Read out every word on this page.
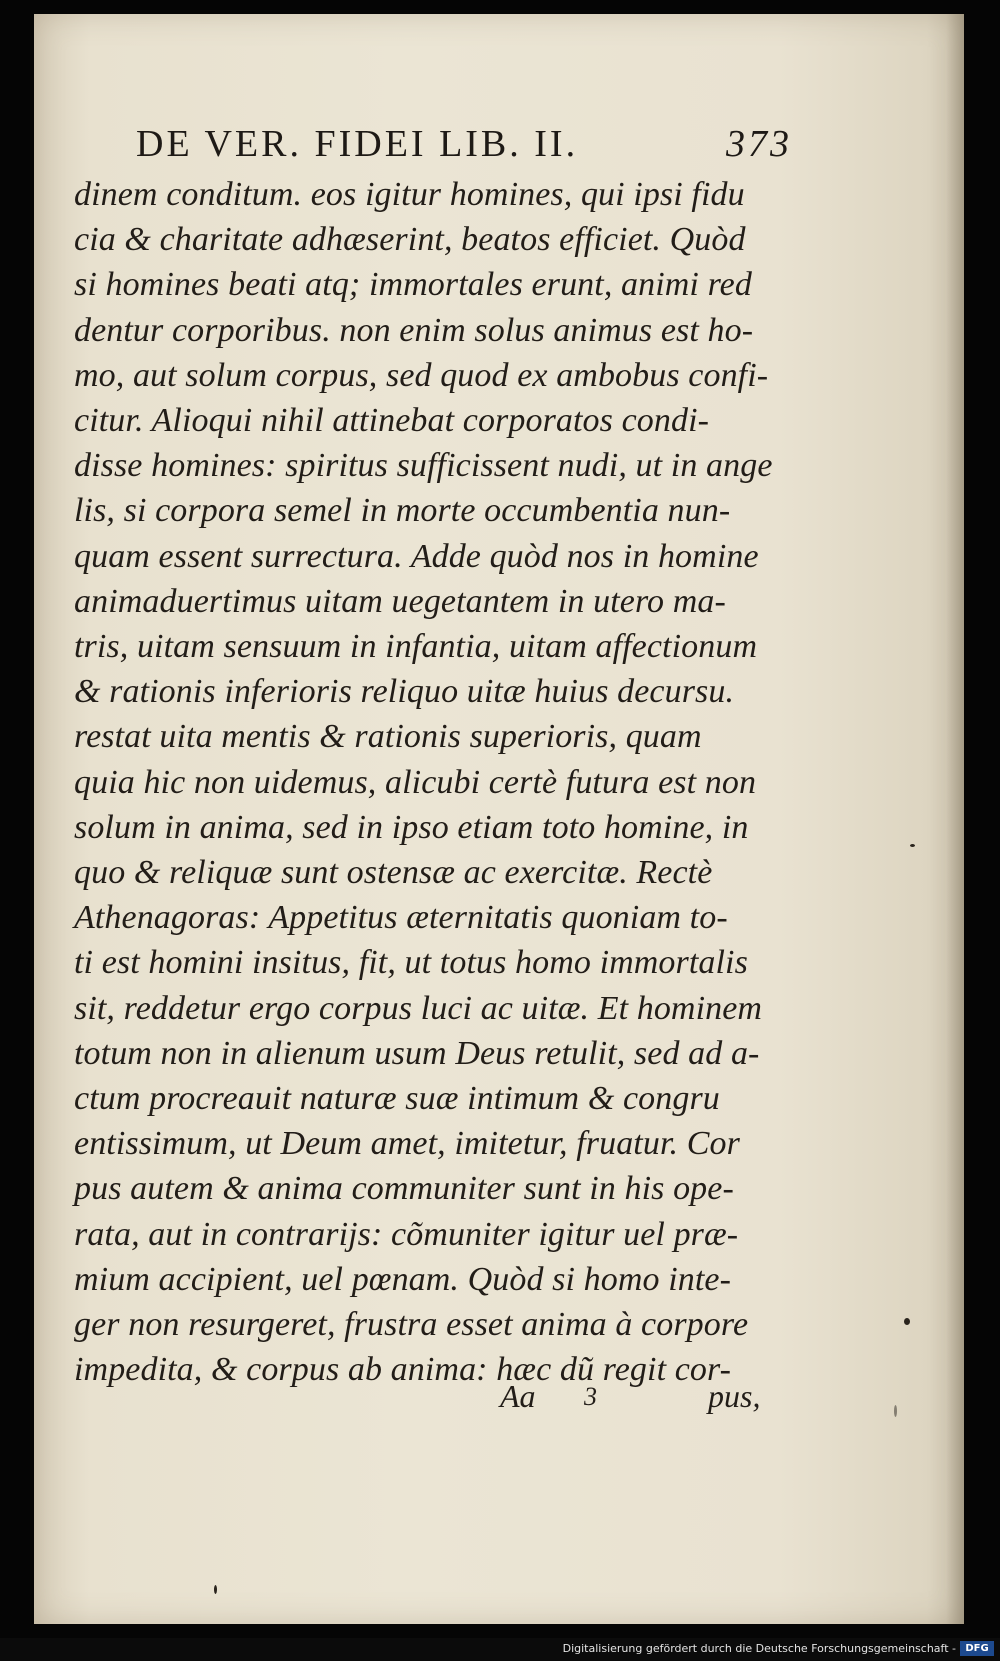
DE VER. FIDEI LIB. II.	373
dinem conditum. eos igitur homines, qui ipsi fidu
cia & charitate adhæserint, beatos efficiet. Quòd
si homines beati atq; immortales erunt, animi red
dentur corporibus. non enim solus animus est ho-
mo, aut solum corpus, sed quod ex ambobus confi-
citur. Alioqui nihil attinebat corporatos condi-
disse homines: spiritus sufficissent nudi, ut in ange
lis, si corpora semel in morte occumbentia nun-
quam essent surrectura. Adde quòd nos in homine
animaduertimus uitam uegetantem in utero ma-
tris, uitam sensuum in infantia, uitam affectionum
& rationis inferioris reliquo uitæ huius decursu.
restat uita mentis & rationis superioris, quam
quia hic non uidemus, alicubi certè futura est non
solum in anima, sed in ipso etiam toto homine, in
quo & reliquæ sunt ostensæ ac exercitæ. Rectè
Athenagoras: Appetitus æternitatis quoniam to-
ti est homini insitus, fit, ut totus homo immortalis
sit, reddetur ergo corpus luci ac uitæ. Et hominem
totum non in alienum usum Deus retulit, sed ad a-
ctum procreauit naturæ suæ intimum & congru
entissimum, ut Deum amet, imitetur, fruatur. Cor
pus autem & anima communiter sunt in his ope-
rata, aut in contrarijs: cõmuniter igitur uel præ-
mium accipient, uel pœnam. Quòd si homo inte-
ger non resurgeret, frustra esset anima à corpore
impedita, & corpus ab anima: hæc dũ regit cor-
Aa 3	pus,
Digitalisierung gefördert durch die Deutsche Forschungsgemeinschaft - DFG
